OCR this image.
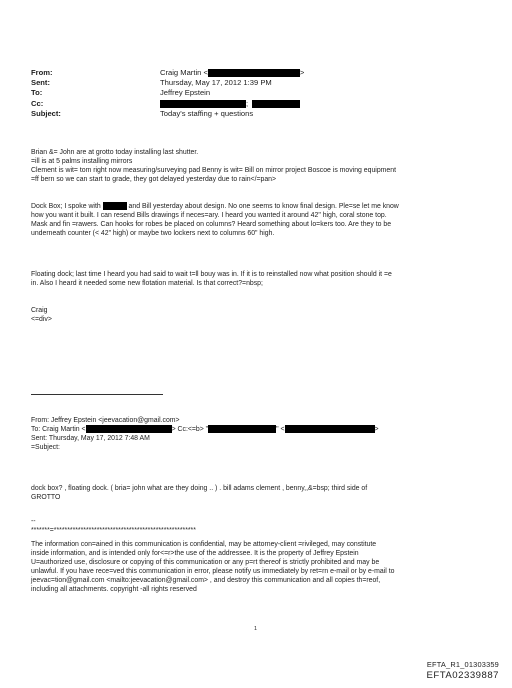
From:	Craig Martin <	>
Sent:	Thursday, May 17, 2012 1:39 PM
To:	Jeffrey Epstein
Cc:	;
Subject:	Today's staffing + questions

Brian &= John are at grotto today installing last shutter.

=ill is at 5 palms installing mirrors

Clement is wit= tom right now measuring/surveying pad Benny is wit= Bill on mirror project Boscoe is moving equipment

=ff bern so we can start to grade, they got delayed yesterday due to rain</=pan>

Dock Box; I spoke with	and Bill yesterday about design. No one seems to know final design. Ple=se let me know

how you want it built. I can resend Bills drawings if neces=ary. I heard you wanted it around 42" high, coral stone top.

Mask and fin =rawers. Can hooks for robes be placed on columns? Heard something about lo=kers too. Are they to be

underneath counter (< 42" high) or maybe two lockers next to columns 60" high.

Floating dock; last time I heard you had said to wait t=ll bouy was in. If it is to reinstalled now what position should it =e

in. Also I heard it needed some new flotation material. Is that correct?=nbsp;

Craig

<=div>

From: Jeffrey Epstein <jeevacation@gmail.com>

To: Craig Martin <	> Cc:<=b> "	" <	>

Sent: Thursday, May 17, 2012 7:48 AM

=Subject:

dock box? , floating dock. ( bria= john what are they doing .. ) . bill adams clement , benny,,&=bsp; third side of

GROTTO

--

*******=*****************************************************

The information con=ained in this communication is confidential, may be attorney-client =rivileged, may constitute

inside information, and is intended only for<=r>the use of the addressee. It is the property of Jeffrey Epstein

U=authorized use, disclosure or copying of this communication or any p=rt thereof is strictly prohibited and may be

unlawful. If you have rece=ved this communication in error, please notify us immediately by ret=rn e-mail or by e-mail to

jeevac=tion@gmail.com <mailto:jeevacation@gmail.com> , and destroy this communication and all copies th=reof,

including all attachments. copyright -all rights reserved

1
EFTA_R1_01303359
EFTA02339887
